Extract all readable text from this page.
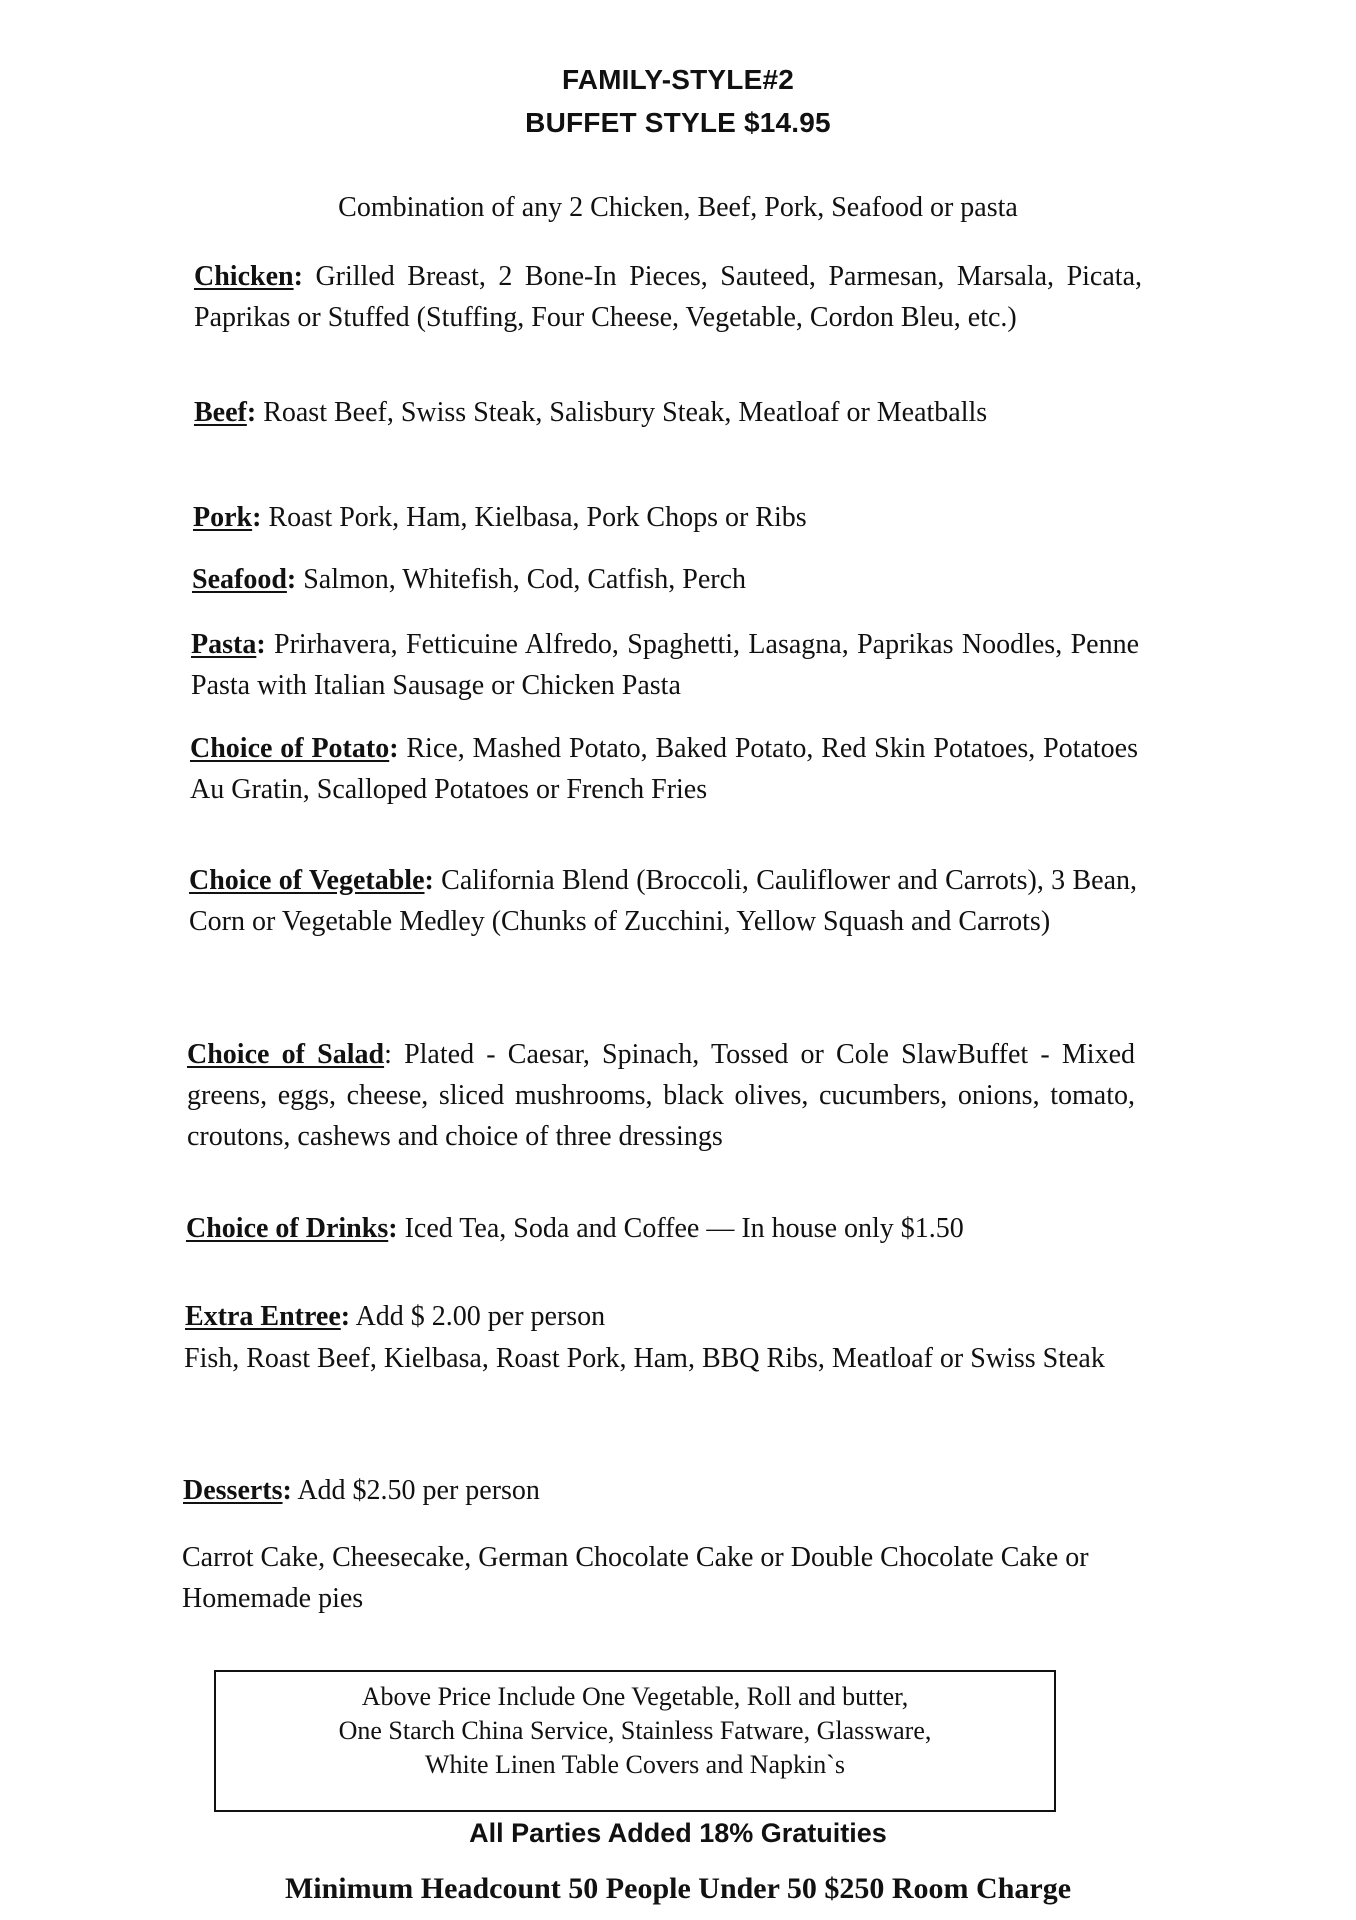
FAMILY-STYLE#2
BUFFET STYLE $14.95
Combination of any 2 Chicken, Beef, Pork, Seafood or pasta
Chicken: Grilled Breast, 2 Bone-In Pieces, Sauteed, Parmesan, Marsala, Picata, Paprikas or Stuffed (Stuffing, Four Cheese, Vegetable, Cordon Bleu, etc.)
Beef: Roast Beef, Swiss Steak, Salisbury Steak, Meatloaf or Meatballs
Pork: Roast Pork, Ham, Kielbasa, Pork Chops or Ribs
Seafood: Salmon, Whitefish, Cod, Catfish, Perch
Pasta: Prirhavera, Fetticuine Alfredo, Spaghetti, Lasagna, Paprikas Noodles, Penne Pasta with Italian Sausage or Chicken Pasta
Choice of Potato: Rice, Mashed Potato, Baked Potato, Red Skin Potatoes, Potatoes Au Gratin, Scalloped Potatoes or French Fries
Choice of Vegetable: California Blend (Broccoli, Cauliflower and Carrots), 3 Bean, Corn or Vegetable Medley (Chunks of Zucchini, Yellow Squash and Carrots)
Choice of Salad: Plated - Caesar, Spinach, Tossed or Cole SlawBuffet - Mixed greens, eggs, cheese, sliced mushrooms, black olives, cucumbers, onions, tomato, croutons, cashews and choice of three dressings
Choice of Drinks: Iced Tea, Soda and Coffee — In house only $1.50
Extra Entree: Add $ 2.00 per person
Fish, Roast Beef, Kielbasa, Roast Pork, Ham, BBQ Ribs, Meatloaf or Swiss Steak
Desserts: Add $2.50 per person
Carrot Cake, Cheesecake, German Chocolate Cake or Double Chocolate Cake or Homemade pies
Above Price Include One Vegetable, Roll and butter,
One Starch China Service, Stainless Fatware, Glassware,
White Linen Table Covers and Napkin`s
All Parties Added 18% Gratuities
Minimum Headcount 50 People Under 50 $250 Room Charge
